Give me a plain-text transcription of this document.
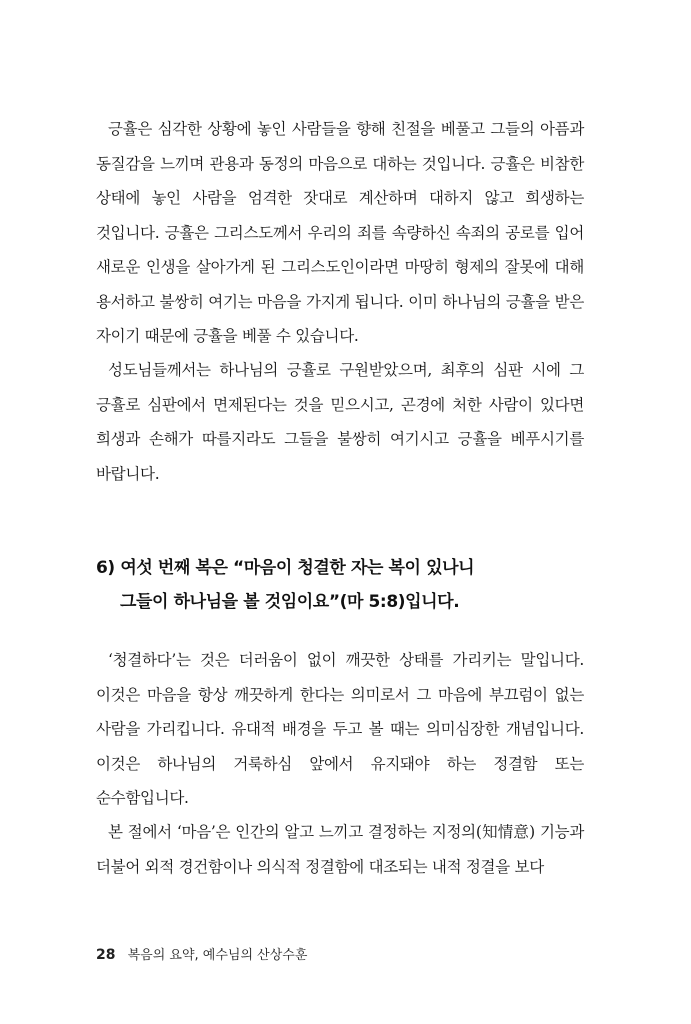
긍휼은 심각한 상황에 놓인 사람들을 향해 친절을 베풀고 그들의 아픔과 동질감을 느끼며 관용과 동정의 마음으로 대하는 것입니다. 긍휼은 비참한 상태에 놓인 사람을 엄격한 잣대로 계산하며 대하지 않고 희생하는 것입니다. 긍휼은 그리스도께서 우리의 죄를 속량하신 속죄의 공로를 입어 새로운 인생을 살아가게 된 그리스도인이라면 마땅히 형제의 잘못에 대해 용서하고 불쌍히 여기는 마음을 가지게 됩니다. 이미 하나님의 긍휼을 받은 자이기 때문에 긍휼을 베풀 수 있습니다.

성도님들께서는 하나님의 긍휼로 구원받았으며, 최후의 심판 시에 그 긍휼로 심판에서 면제된다는 것을 믿으시고, 곤경에 처한 사람이 있다면 희생과 손해가 따를지라도 그들을 불쌍히 여기시고 긍휼을 베푸시기를 바랍니다.

6) 여섯 번째 복은 “마음이 청결한 자는 복이 있나니
그들이 하나님을 볼 것임이요”(마 5:8)입니다.

‘청결하다’는 것은 더러움이 없이 깨끗한 상태를 가리키는 말입니다. 이것은 마음을 항상 깨끗하게 한다는 의미로서 그 마음에 부끄럼이 없는 사람을 가리킵니다. 유대적 배경을 두고 볼 때는 의미심장한 개념입니다. 이것은 하나님의 거룩하심 앞에서 유지돼야 하는 정결함 또는 순수함입니다.

본 절에서 ‘마음’은 인간의 알고 느끼고 결정하는 지정의(知情意) 기능과 더불어 외적 경건함이나 의식적 정결함에 대조되는 내적 정결을 보다

28 복음의 요약, 예수님의 산상수훈
